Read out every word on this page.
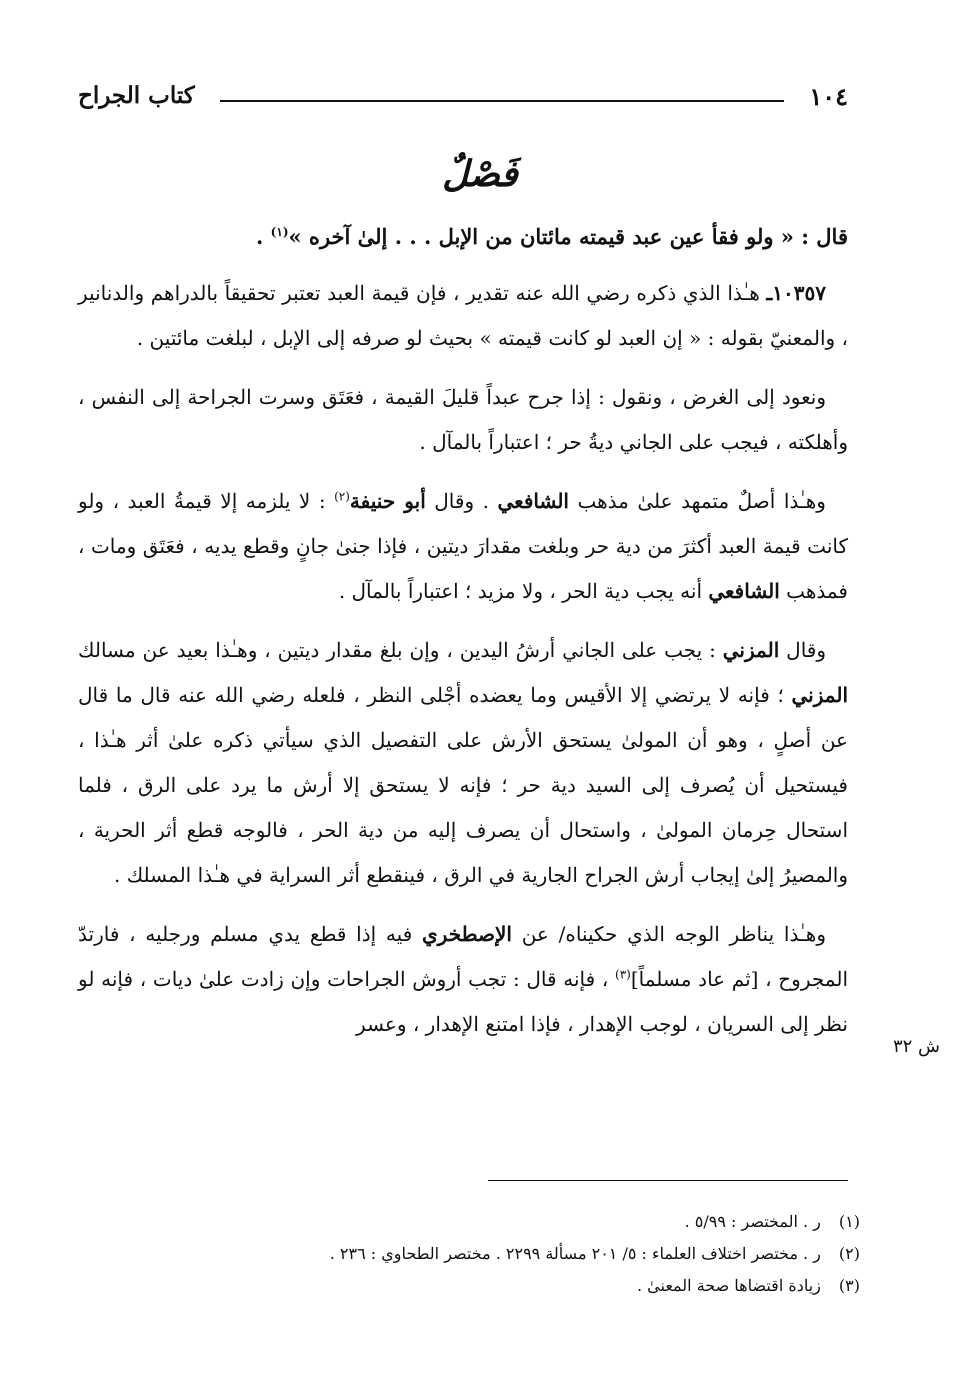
١٠٤
كتاب الجراح
فَصْلٌ

قال : « ولو فقأ عين عبد قيمته مائتان من الإبل . . . إلىٰ آخره »$^{(١)}$ .

١٠٣٥٧ـ هـٰذا الذي ذكره رضي الله عنه تقدير ، فإن قيمة العبد تعتبر تحقيقاً بالدراهم والدنانير ، والمعنيّ بقوله : « إن العبد لو كانت قيمته » بحيث لو صرفه إلى الإبل ، لبلغت مائتين .

ونعود إلى الغرض ، ونقول : إذا جرح عبداً قليلَ القيمة ، فعَتَق وسرت الجراحة إلى النفس ، وأهلكته ، فيجب على الجاني ديةُ حر ؛ اعتباراً بالمآل .

وهـٰذا أصلٌ متمهد علىٰ مذهب الشافعي . وقال أبو حنيفة$^{(٢)}$ : لا يلزمه إلا قيمةُ العبد ، ولو كانت قيمة العبد أكثرَ من دية حر وبلغت مقدارَ ديتين ، فإذا جنىٰ جانٍ وقطع يديه ، فعَتَق ومات ، فمذهب الشافعي أنه يجب دية الحر ، ولا مزيد ؛ اعتباراً بالمآل .

وقال المزني : يجب على الجاني أرشُ اليدين ، وإن بلغ مقدار ديتين ، وهـٰذا بعيد عن مسالك المزني ؛ فإنه لا يرتضي إلا الأقيس وما يعضده أجْلى النظر ، فلعله رضي الله عنه قال ما قال عن أصلٍ ، وهو أن المولىٰ يستحق الأرش على التفصيل الذي سيأتي ذكره علىٰ أثر هـٰذا ، فيستحيل أن يُصرف إلى السيد دية حر ؛ فإنه لا يستحق إلا أرش ما يرد على الرق ، فلما استحال حِرمان المولىٰ ، واستحال أن يصرف إليه من دية الحر ، فالوجه قطع أثر الحرية ، والمصيرُ إلىٰ إيجاب أرش الجراح الجارية في الرق ، فينقطع أثر السراية في هـٰذا المسلك .

وهـٰذا يناظر الوجه الذي حكيناه/ عن الإصطخري فيه إذا قطع يدي مسلم ورجليه ، فارتدّ المجروح ، [ثم عاد مسلماً]$^{(٣)}$ ، فإنه قال : تجب أروش الجراحات وإن زادت علىٰ ديات ، فإنه لو نظر إلى السريان ، لوجب الإهدار ، فإذا امتنع الإهدار ، وعسر

ش ٣٢
(١)ر . المختصر : ٥/٩٩ .
(٢)ر . مختصر اختلاف العلماء : ٥/ ٢٠١ مسألة ٢٢٩٩ . مختصر الطحاوي : ٢٣٦ .
(٣)زيادة اقتضاها صحة المعنىٰ .
